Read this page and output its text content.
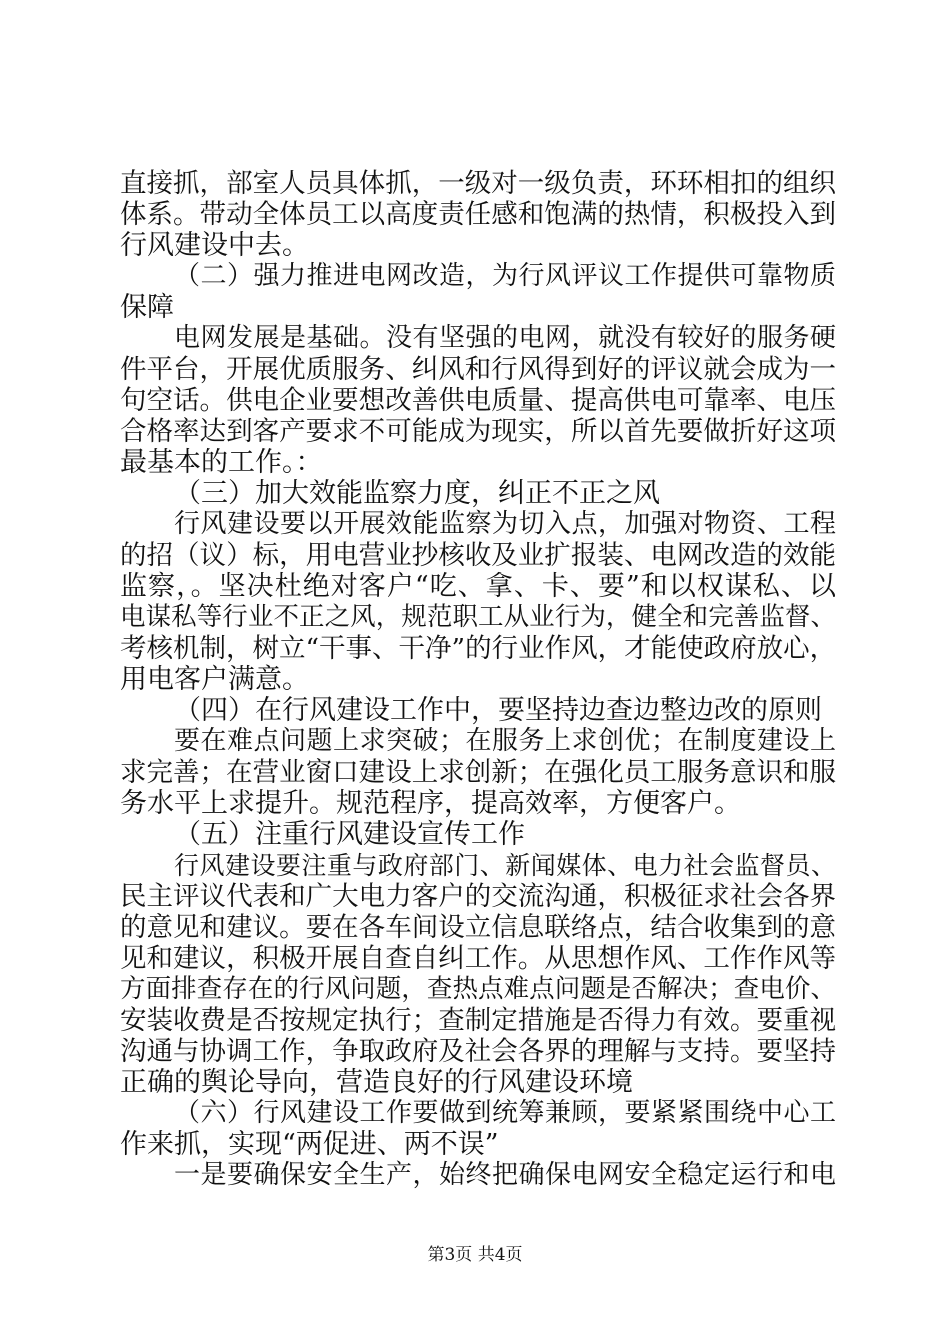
直接抓，部室人员具体抓，一级对一级负责，环环相扣的组织
体系。带动全体员工以高度责任感和饱满的热情，积极投入到
行风建设中去。
（二）强力推进电网改造，为行风评议工作提供可靠物质
保障
电网发展是基础。没有坚强的电网，就没有较好的服务硬
件平台，开展优质服务、纠风和行风得到好的评议就会成为一
句空话。供电企业要想改善供电质量、提高供电可靠率、电压
合格率达到客产要求不可能成为现实，所以首先要做折好这项
最基本的工作。：
（三）加大效能监察力度，纠正不正之风
行风建设要以开展效能监察为切入点，加强对物资、工程
的招（议）标，用电营业抄核收及业扩报装、电网改造的效能
监察，。坚决杜绝对客户“吃、拿、卡、要”和以权谋私、以
电谋私等行业不正之风，规范职工从业行为，健全和完善监督、
考核机制，树立“干事、干净”的行业作风，才能使政府放心，
用电客户满意。
（四）在行风建设工作中，要坚持边查边整边改的原则
要在难点问题上求突破；在服务上求创优；在制度建设上
求完善；在营业窗口建设上求创新；在强化员工服务意识和服
务水平上求提升。规范程序，提高效率，方便客户。
（五）注重行风建设宣传工作
行风建设要注重与政府部门、新闻媒体、电力社会监督员、
民主评议代表和广大电力客户的交流沟通，积极征求社会各界
的意见和建议。要在各车间设立信息联络点，结合收集到的意
见和建议，积极开展自查自纠工作。从思想作风、工作作风等
方面排查存在的行风问题，查热点难点问题是否解决；查电价、
安装收费是否按规定执行；查制定措施是否得力有效。要重视
沟通与协调工作，争取政府及社会各界的理解与支持。要坚持
正确的舆论导向，营造良好的行风建设环境
（六）行风建设工作要做到统筹兼顾，要紧紧围绕中心工
作来抓，实现“两促进、两不误”
一是要确保安全生产，始终把确保电网安全稳定运行和电
第3页 共4页
